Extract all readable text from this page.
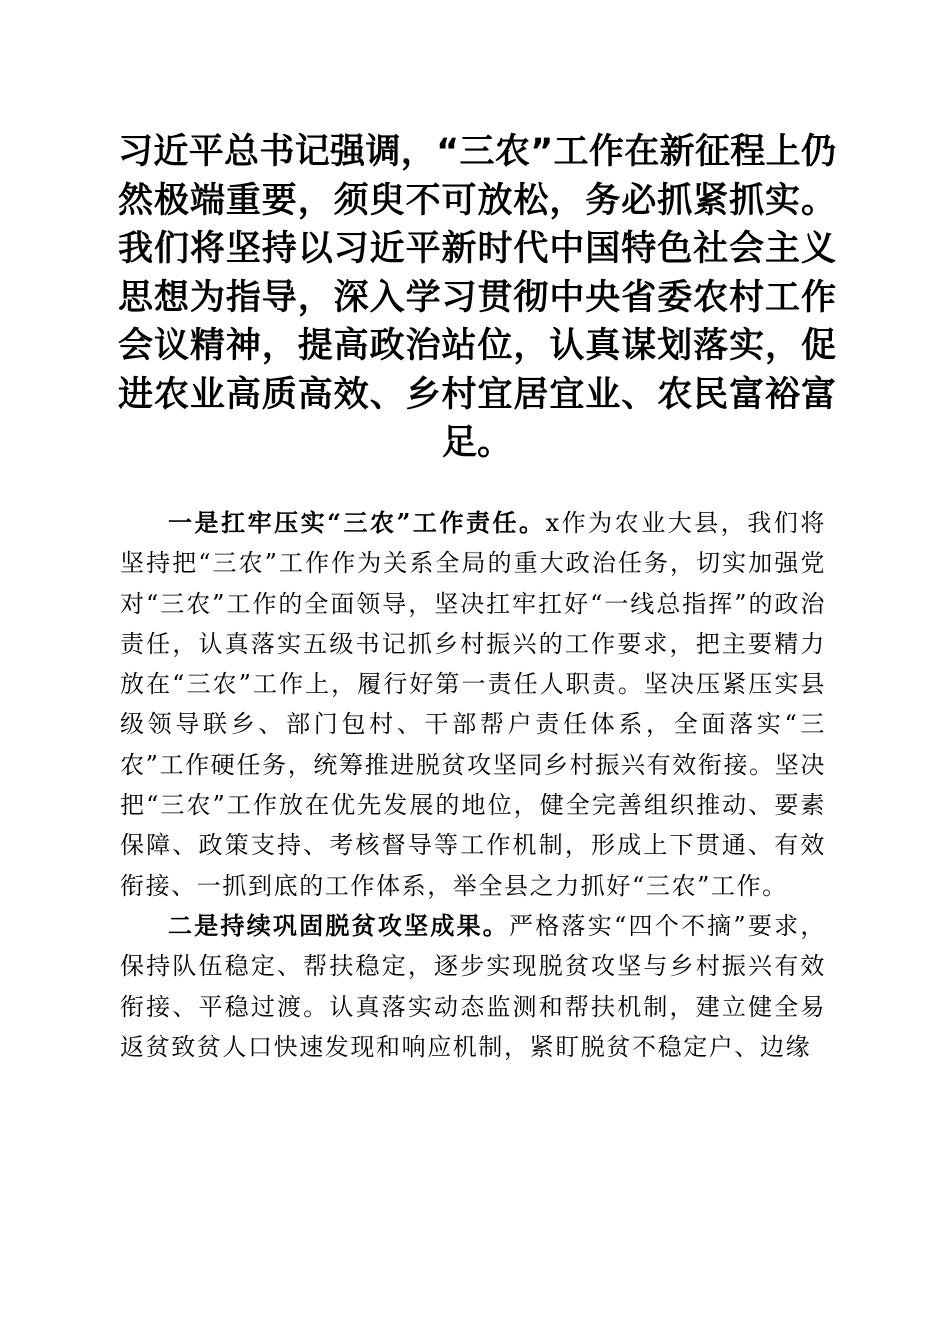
习近平总书记强调，“三农”工作在新征程上仍然极端重要，须臾不可放松，务必抓紧抓实。我们将坚持以习近平新时代中国特色社会主义思想为指导，深入学习贯彻中央省委农村工作会议精神，提高政治站位，认真谋划落实，促进农业高质高效、乡村宜居宜业、农民富裕富足。

一是扛牢压实“三农”工作责任。x作为农业大县，我们将坚持把“三农”工作作为关系全局的重大政治任务，切实加强党对“三农”工作的全面领导，坚决扛牢扛好“一线总指挥”的政治责任，认真落实五级书记抓乡村振兴的工作要求，把主要精力放在“三农”工作上，履行好第一责任人职责。坚决压紧压实县级领导联乡、部门包村、干部帮户责任体系，全面落实“三农”工作硬任务，统筹推进脱贫攻坚同乡村振兴有效衔接。坚决把“三农”工作放在优先发展的地位，健全完善组织推动、要素保障、政策支持、考核督导等工作机制，形成上下贯通、有效衔接、一抓到底的工作体系，举全县之力抓好“三农”工作。

二是持续巩固脱贫攻坚成果。严格落实“四个不摘”要求，保持队伍稳定、帮扶稳定，逐步实现脱贫攻坚与乡村振兴有效衔接、平稳过渡。认真落实动态监测和帮扶机制，建立健全易返贫致贫人口快速发现和响应机制，紧盯脱贫不稳定户、边缘
